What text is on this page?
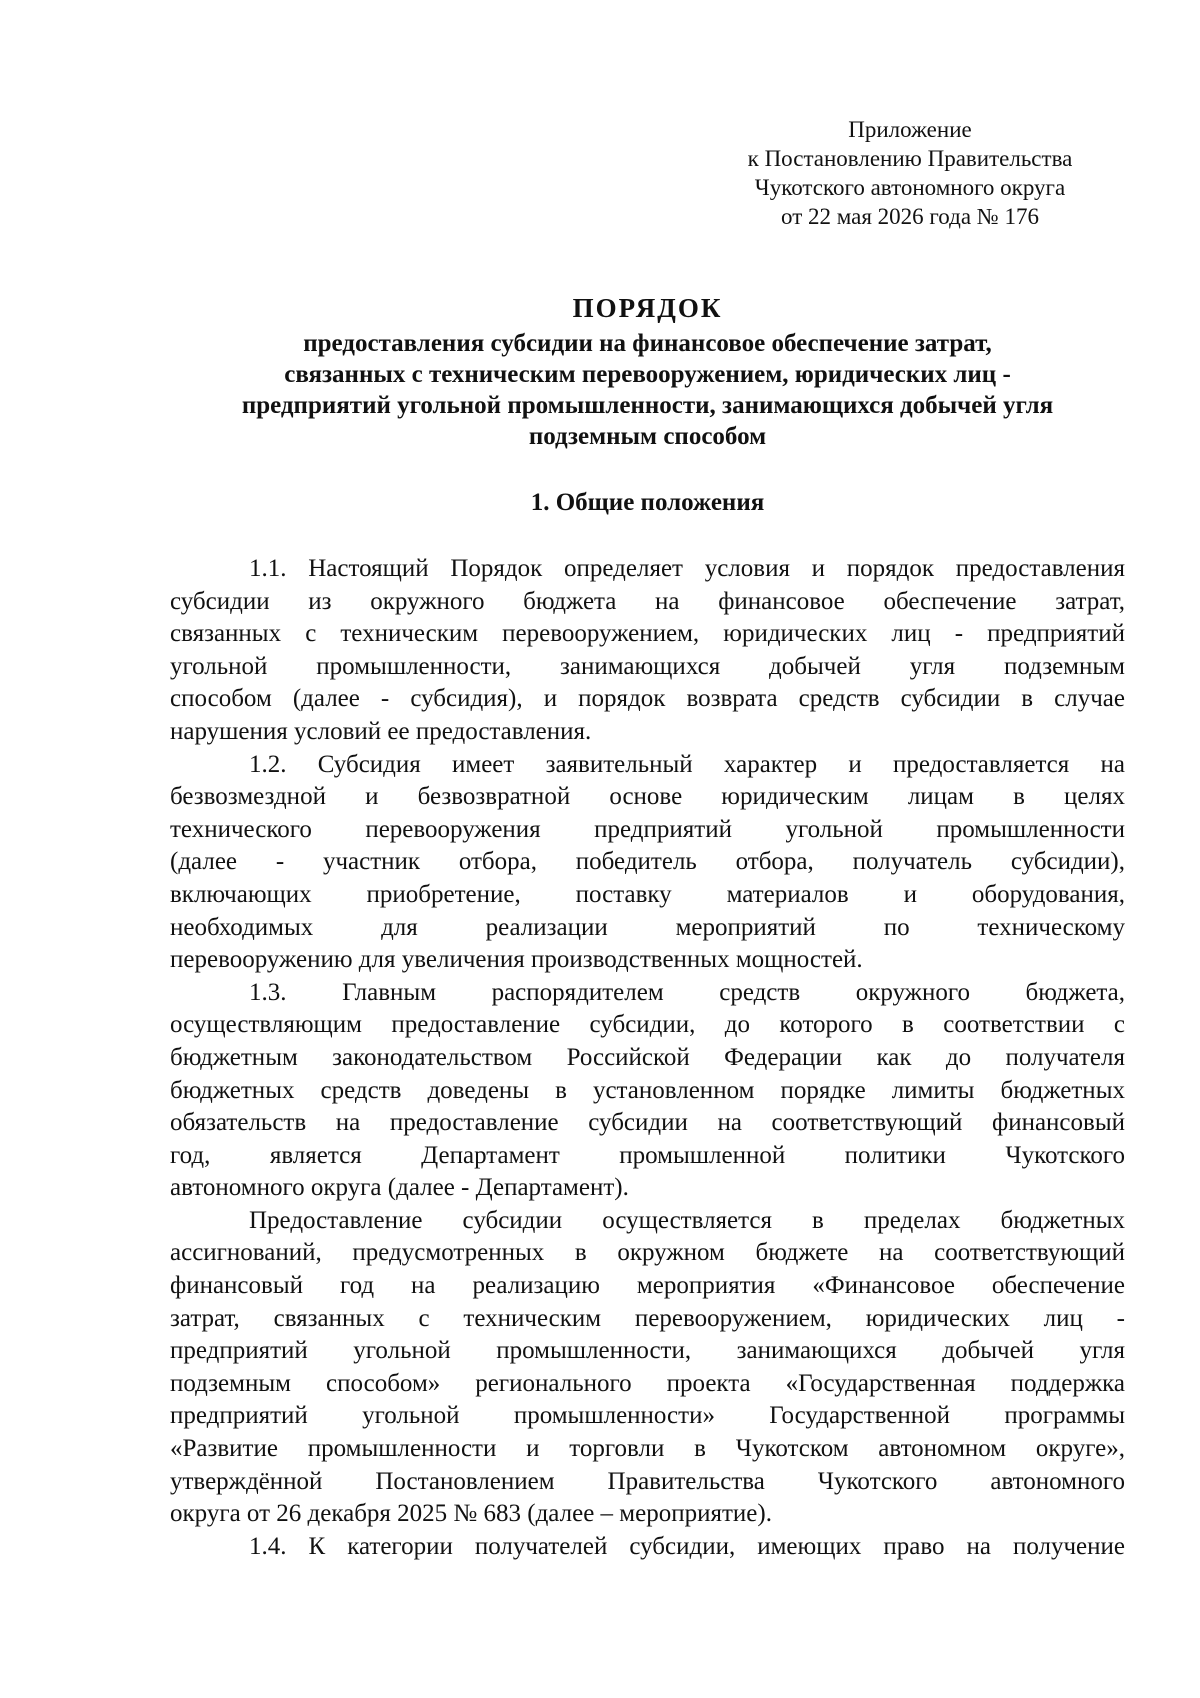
Приложение
к Постановлению Правительства
Чукотского автономного округа
от 22 мая 2026 года № 176
ПОРЯДОК
предоставления субсидии на финансовое обеспечение затрат,
связанных с техническим перевооружением, юридических лиц -
предприятий угольной промышленности, занимающихся добычей угля
подземным способом
1. Общие положения
1.1. Настоящий Порядок определяет условия и порядок предоставления
субсидии из окружного бюджета на финансовое обеспечение затрат,
связанных с техническим перевооружением, юридических лиц - предприятий
угольной промышленности, занимающихся добычей угля подземным
способом (далее - субсидия), и порядок возврата средств субсидии в случае
нарушения условий ее предоставления.
1.2. Субсидия имеет заявительный характер и предоставляется на
безвозмездной и безвозвратной основе юридическим лицам в целях
технического перевооружения предприятий угольной промышленности
(далее - участник отбора, победитель отбора, получатель субсидии),
включающих приобретение, поставку материалов и оборудования,
необходимых для реализации мероприятий по техническому
перевооружению для увеличения производственных мощностей.
1.3. Главным распорядителем средств окружного бюджета,
осуществляющим предоставление субсидии, до которого в соответствии с
бюджетным законодательством Российской Федерации как до получателя
бюджетных средств доведены в установленном порядке лимиты бюджетных
обязательств на предоставление субсидии на соответствующий финансовый
год, является Департамент промышленной политики Чукотского
автономного округа (далее - Департамент).
Предоставление субсидии осуществляется в пределах бюджетных
ассигнований, предусмотренных в окружном бюджете на соответствующий
финансовый год на реализацию мероприятия «Финансовое обеспечение
затрат, связанных с техническим перевооружением, юридических лиц -
предприятий угольной промышленности, занимающихся добычей угля
подземным способом» регионального проекта «Государственная поддержка
предприятий угольной промышленности» Государственной программы
«Развитие промышленности и торговли в Чукотском автономном округе»,
утверждённой Постановлением Правительства Чукотского автономного
округа от 26 декабря 2025 № 683 (далее – мероприятие).
1.4. К категории получателей субсидии, имеющих право на получение
